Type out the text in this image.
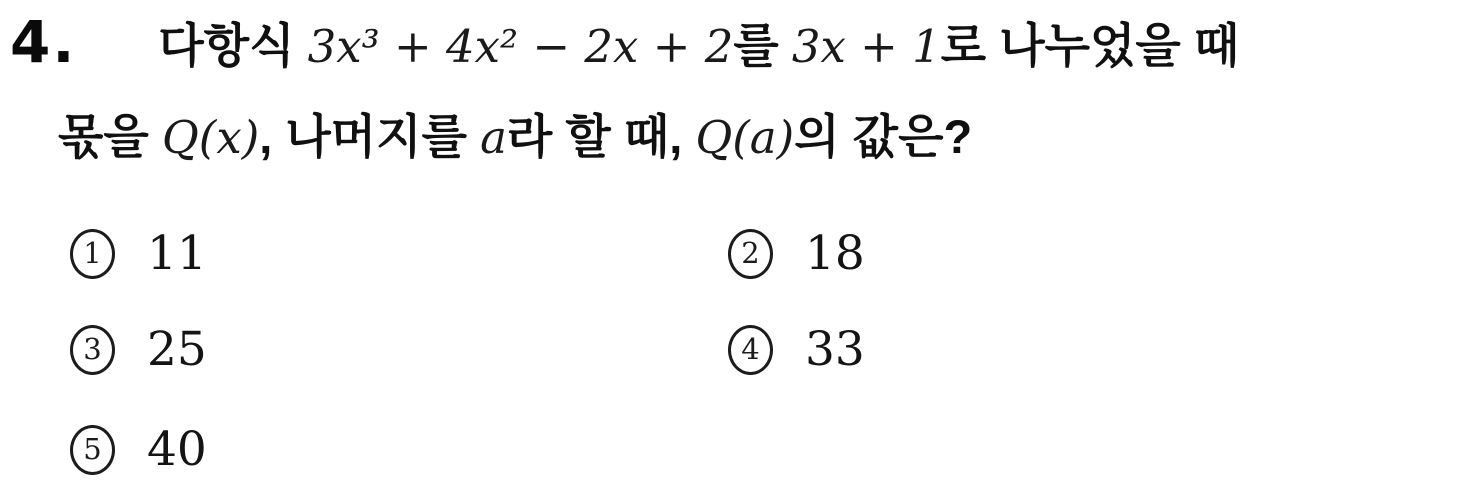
4. 다항식 3x³ + 4x² − 2x + 2를 3x + 1로 나누었을 때
몫을 Q(x), 나머지를 a라 할 때, Q(a)의 값은?
1 11	2 18
3 25	4 33
5 40
